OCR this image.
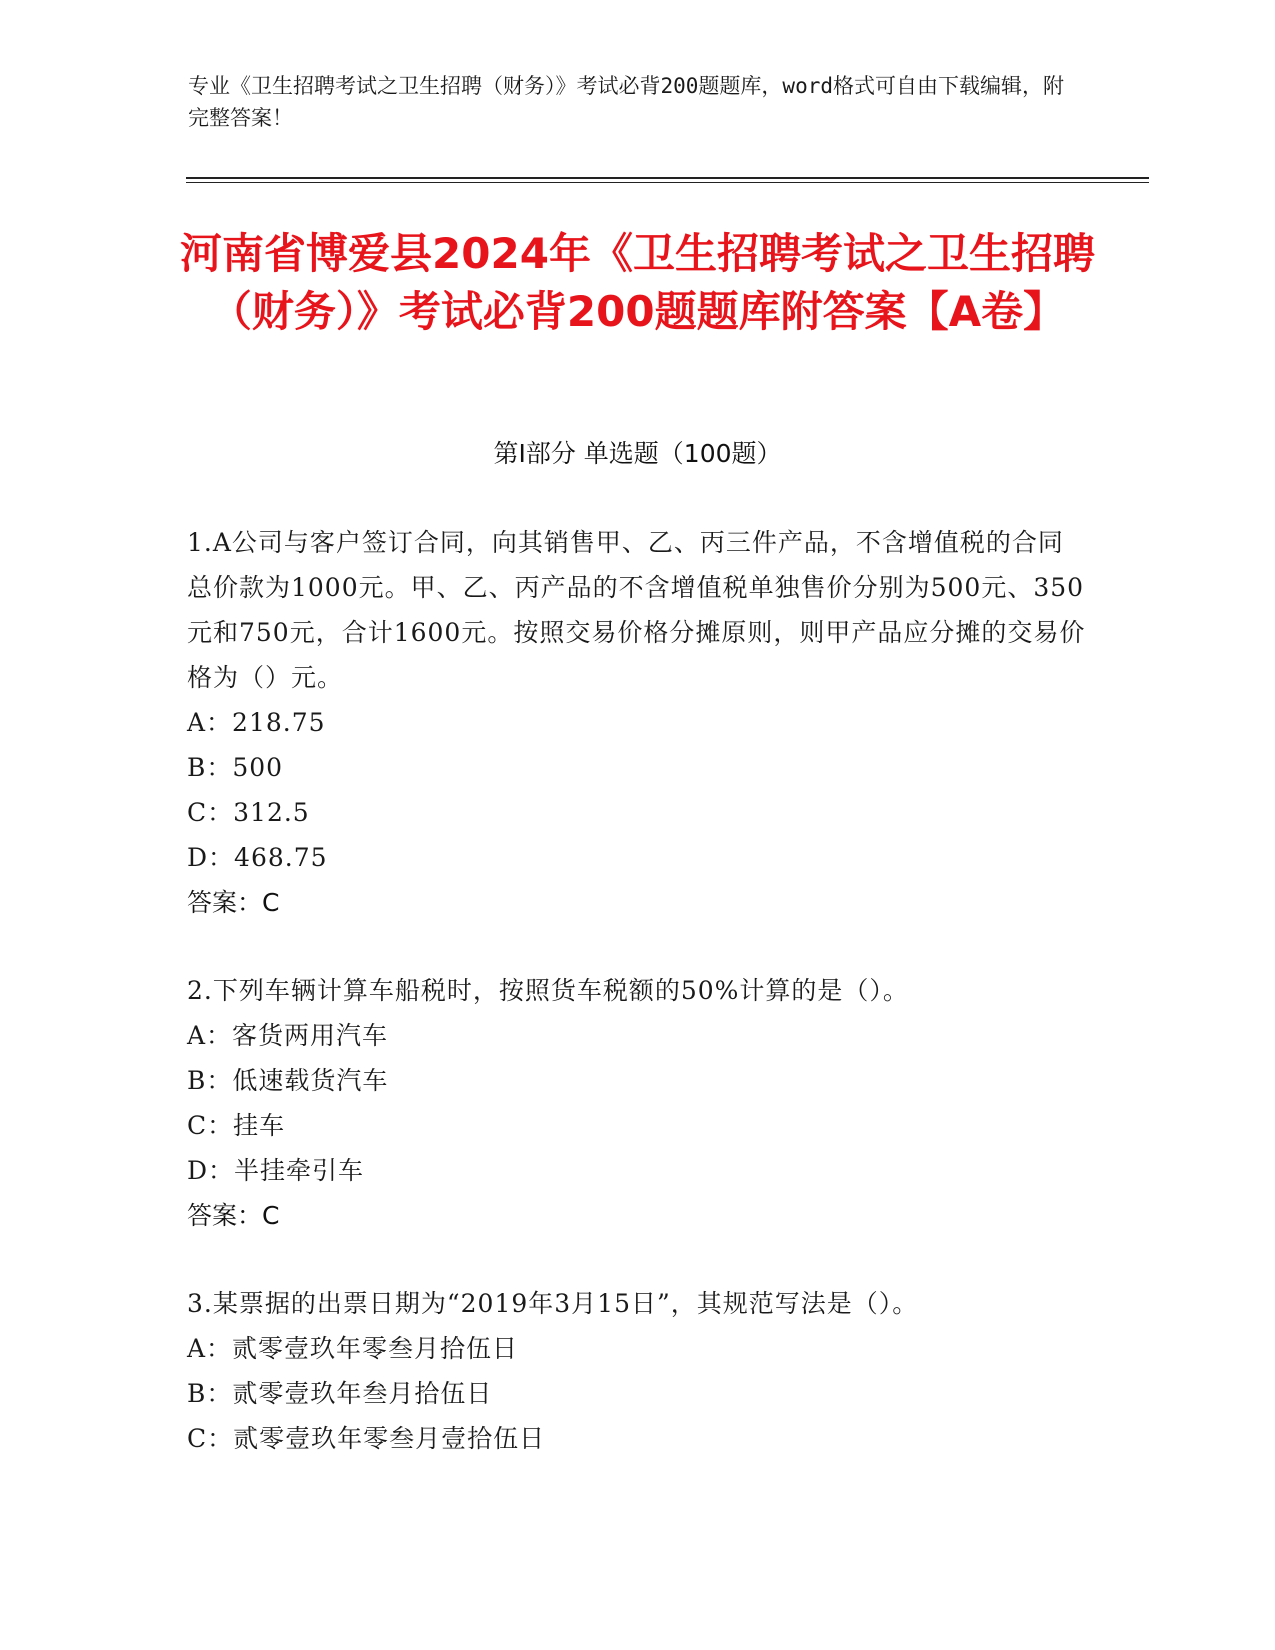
专业《卫生招聘考试之卫生招聘（财务）》考试必背200题题库，word格式可自由下载编辑，附完整答案！
河南省博爱县2024年《卫生招聘考试之卫生招聘（财务）》考试必背200题题库附答案【A卷】
第I部分 单选题（100题）
1.A公司与客户签订合同，向其销售甲、乙、丙三件产品，不含增值税的合同总价款为1000元。甲、乙、丙产品的不含增值税单独售价分别为500元、350元和750元，合计1600元。按照交易价格分摊原则，则甲产品应分摊的交易价格为（）元。
A：218.75
B：500
C：312.5
D：468.75
答案：C
2.下列车辆计算车船税时，按照货车税额的50%计算的是（）。
A：客货两用汽车
B：低速载货汽车
C：挂车
D：半挂牵引车
答案：C
3.某票据的出票日期为“2019年3月15日”，其规范写法是（）。
A：贰零壹玖年零叁月拾伍日
B：贰零壹玖年叁月拾伍日
C：贰零壹玖年零叁月壹拾伍日
